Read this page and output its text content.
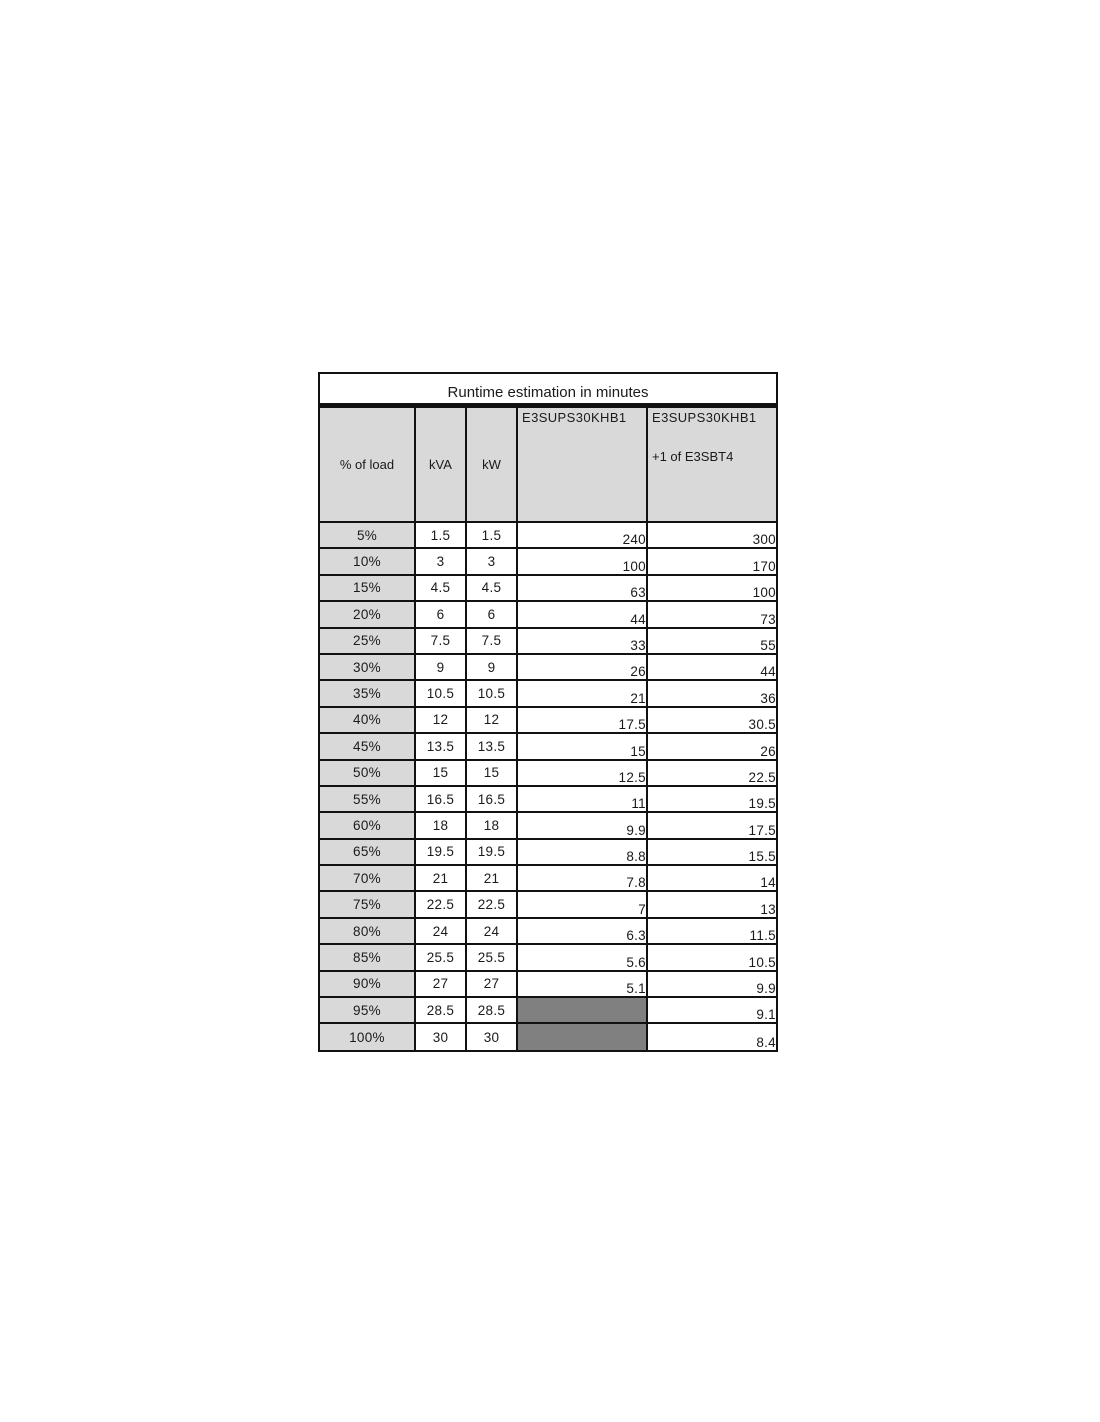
Runtime estimation in minutes
% of load	kVA	kW	E3SUPS30KHB1	E3SUPS30KHB1
+1 of E3SBT4

5%	1.5	1.5	240	300
10%	3	3	100	170
15%	4.5	4.5	63	100
20%	6	6	44	73
25%	7.5	7.5	33	55
30%	9	9	26	44
35%	10.5	10.5	21	36
40%	12	12	17.5	30.5
45%	13.5	13.5	15	26
50%	15	15	12.5	22.5
55%	16.5	16.5	11	19.5
60%	18	18	9.9	17.5
65%	19.5	19.5	8.8	15.5
70%	21	21	7.8	14
75%	22.5	22.5	7	13
80%	24	24	6.3	11.5
85%	25.5	25.5	5.6	10.5
90%	27	27	5.1	9.9
95%	28.5	28.5		9.1
100%	30	30		8.4
